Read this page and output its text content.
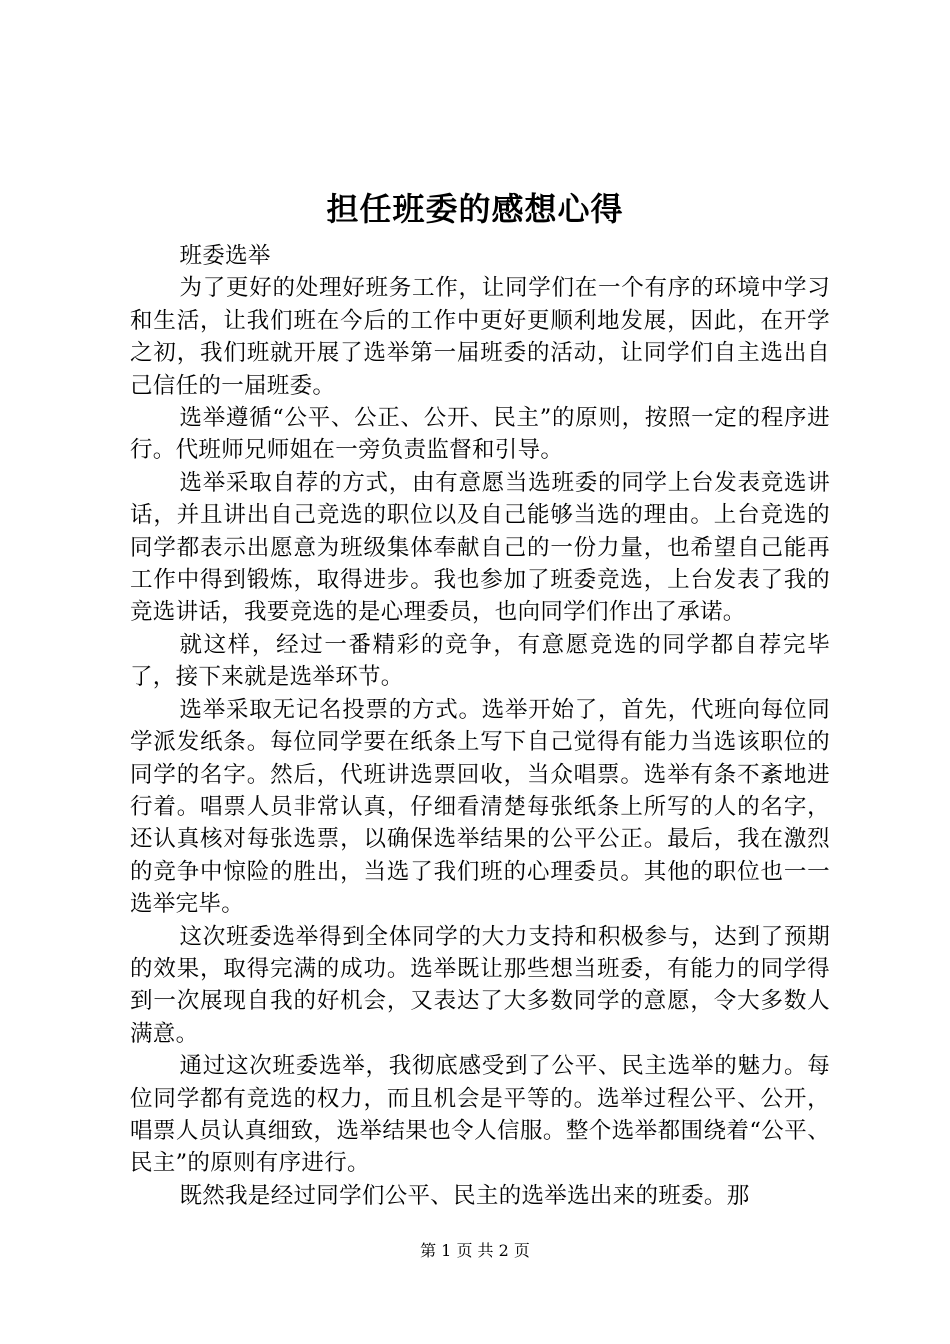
担任班委的感想心得

班委选举

为了更好的处理好班务工作，让同学们在一个有序的环境中学习和生活，让我们班在今后的工作中更好更顺利地发展，因此，在开学之初，我们班就开展了选举第一届班委的活动，让同学们自主选出自己信任的一届班委。

选举遵循“公平、公正、公开、民主”的原则，按照一定的程序进行。代班师兄师姐在一旁负责监督和引导。

选举采取自荐的方式，由有意愿当选班委的同学上台发表竞选讲话，并且讲出自己竞选的职位以及自己能够当选的理由。上台竞选的同学都表示出愿意为班级集体奉献自己的一份力量，也希望自己能再工作中得到锻炼，取得进步。我也参加了班委竞选，上台发表了我的竞选讲话，我要竞选的是心理委员，也向同学们作出了承诺。

就这样，经过一番精彩的竞争，有意愿竞选的同学都自荐完毕了，接下来就是选举环节。

选举采取无记名投票的方式。选举开始了，首先，代班向每位同学派发纸条。每位同学要在纸条上写下自己觉得有能力当选该职位的同学的名字。然后，代班讲选票回收，当众唱票。选举有条不紊地进行着。唱票人员非常认真，仔细看清楚每张纸条上所写的人的名字，还认真核对每张选票，以确保选举结果的公平公正。最后，我在激烈的竞争中惊险的胜出，当选了我们班的心理委员。其他的职位也一一选举完毕。

这次班委选举得到全体同学的大力支持和积极参与，达到了预期的效果，取得完满的成功。选举既让那些想当班委，有能力的同学得到一次展现自我的好机会，又表达了大多数同学的意愿，令大多数人满意。

通过这次班委选举，我彻底感受到了公平、民主选举的魅力。每位同学都有竞选的权力，而且机会是平等的。选举过程公平、公开，唱票人员认真细致，选举结果也令人信服。整个选举都围绕着“公平、民主”的原则有序进行。

既然我是经过同学们公平、民主的选举选出来的班委。那

第 1 页 共 2 页
